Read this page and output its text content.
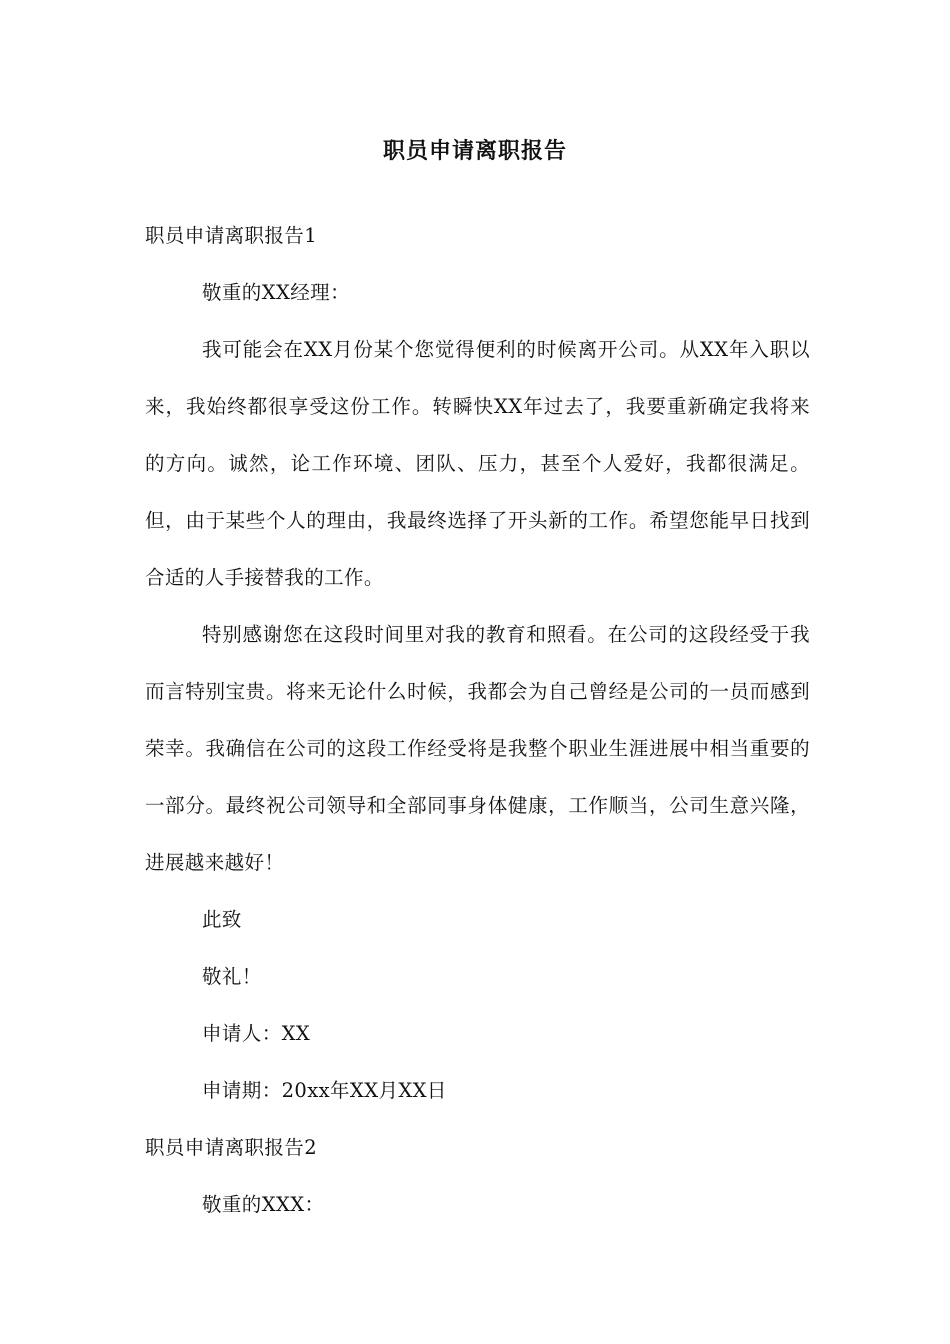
职员申请离职报告

职员申请离职报告1

敬重的XX经理：

我可能会在XX月份某个您觉得便利的时候离开公司。从XX年入职以来，我始终都很享受这份工作。转瞬快XX年过去了，我要重新确定我将来的方向。诚然，论工作环境、团队、压力，甚至个人爱好，我都很满足。但，由于某些个人的理由，我最终选择了开头新的工作。希望您能早日找到合适的人手接替我的工作。

特别感谢您在这段时间里对我的教育和照看。在公司的这段经受于我而言特别宝贵。将来无论什么时候，我都会为自己曾经是公司的一员而感到荣幸。我确信在公司的这段工作经受将是我整个职业生涯进展中相当重要的一部分。最终祝公司领导和全部同事身体健康，工作顺当，公司生意兴隆，进展越来越好！

此致

敬礼！

申请人：XX

申请期：20xx年XX月XX日

职员申请离职报告2

敬重的XXX：
